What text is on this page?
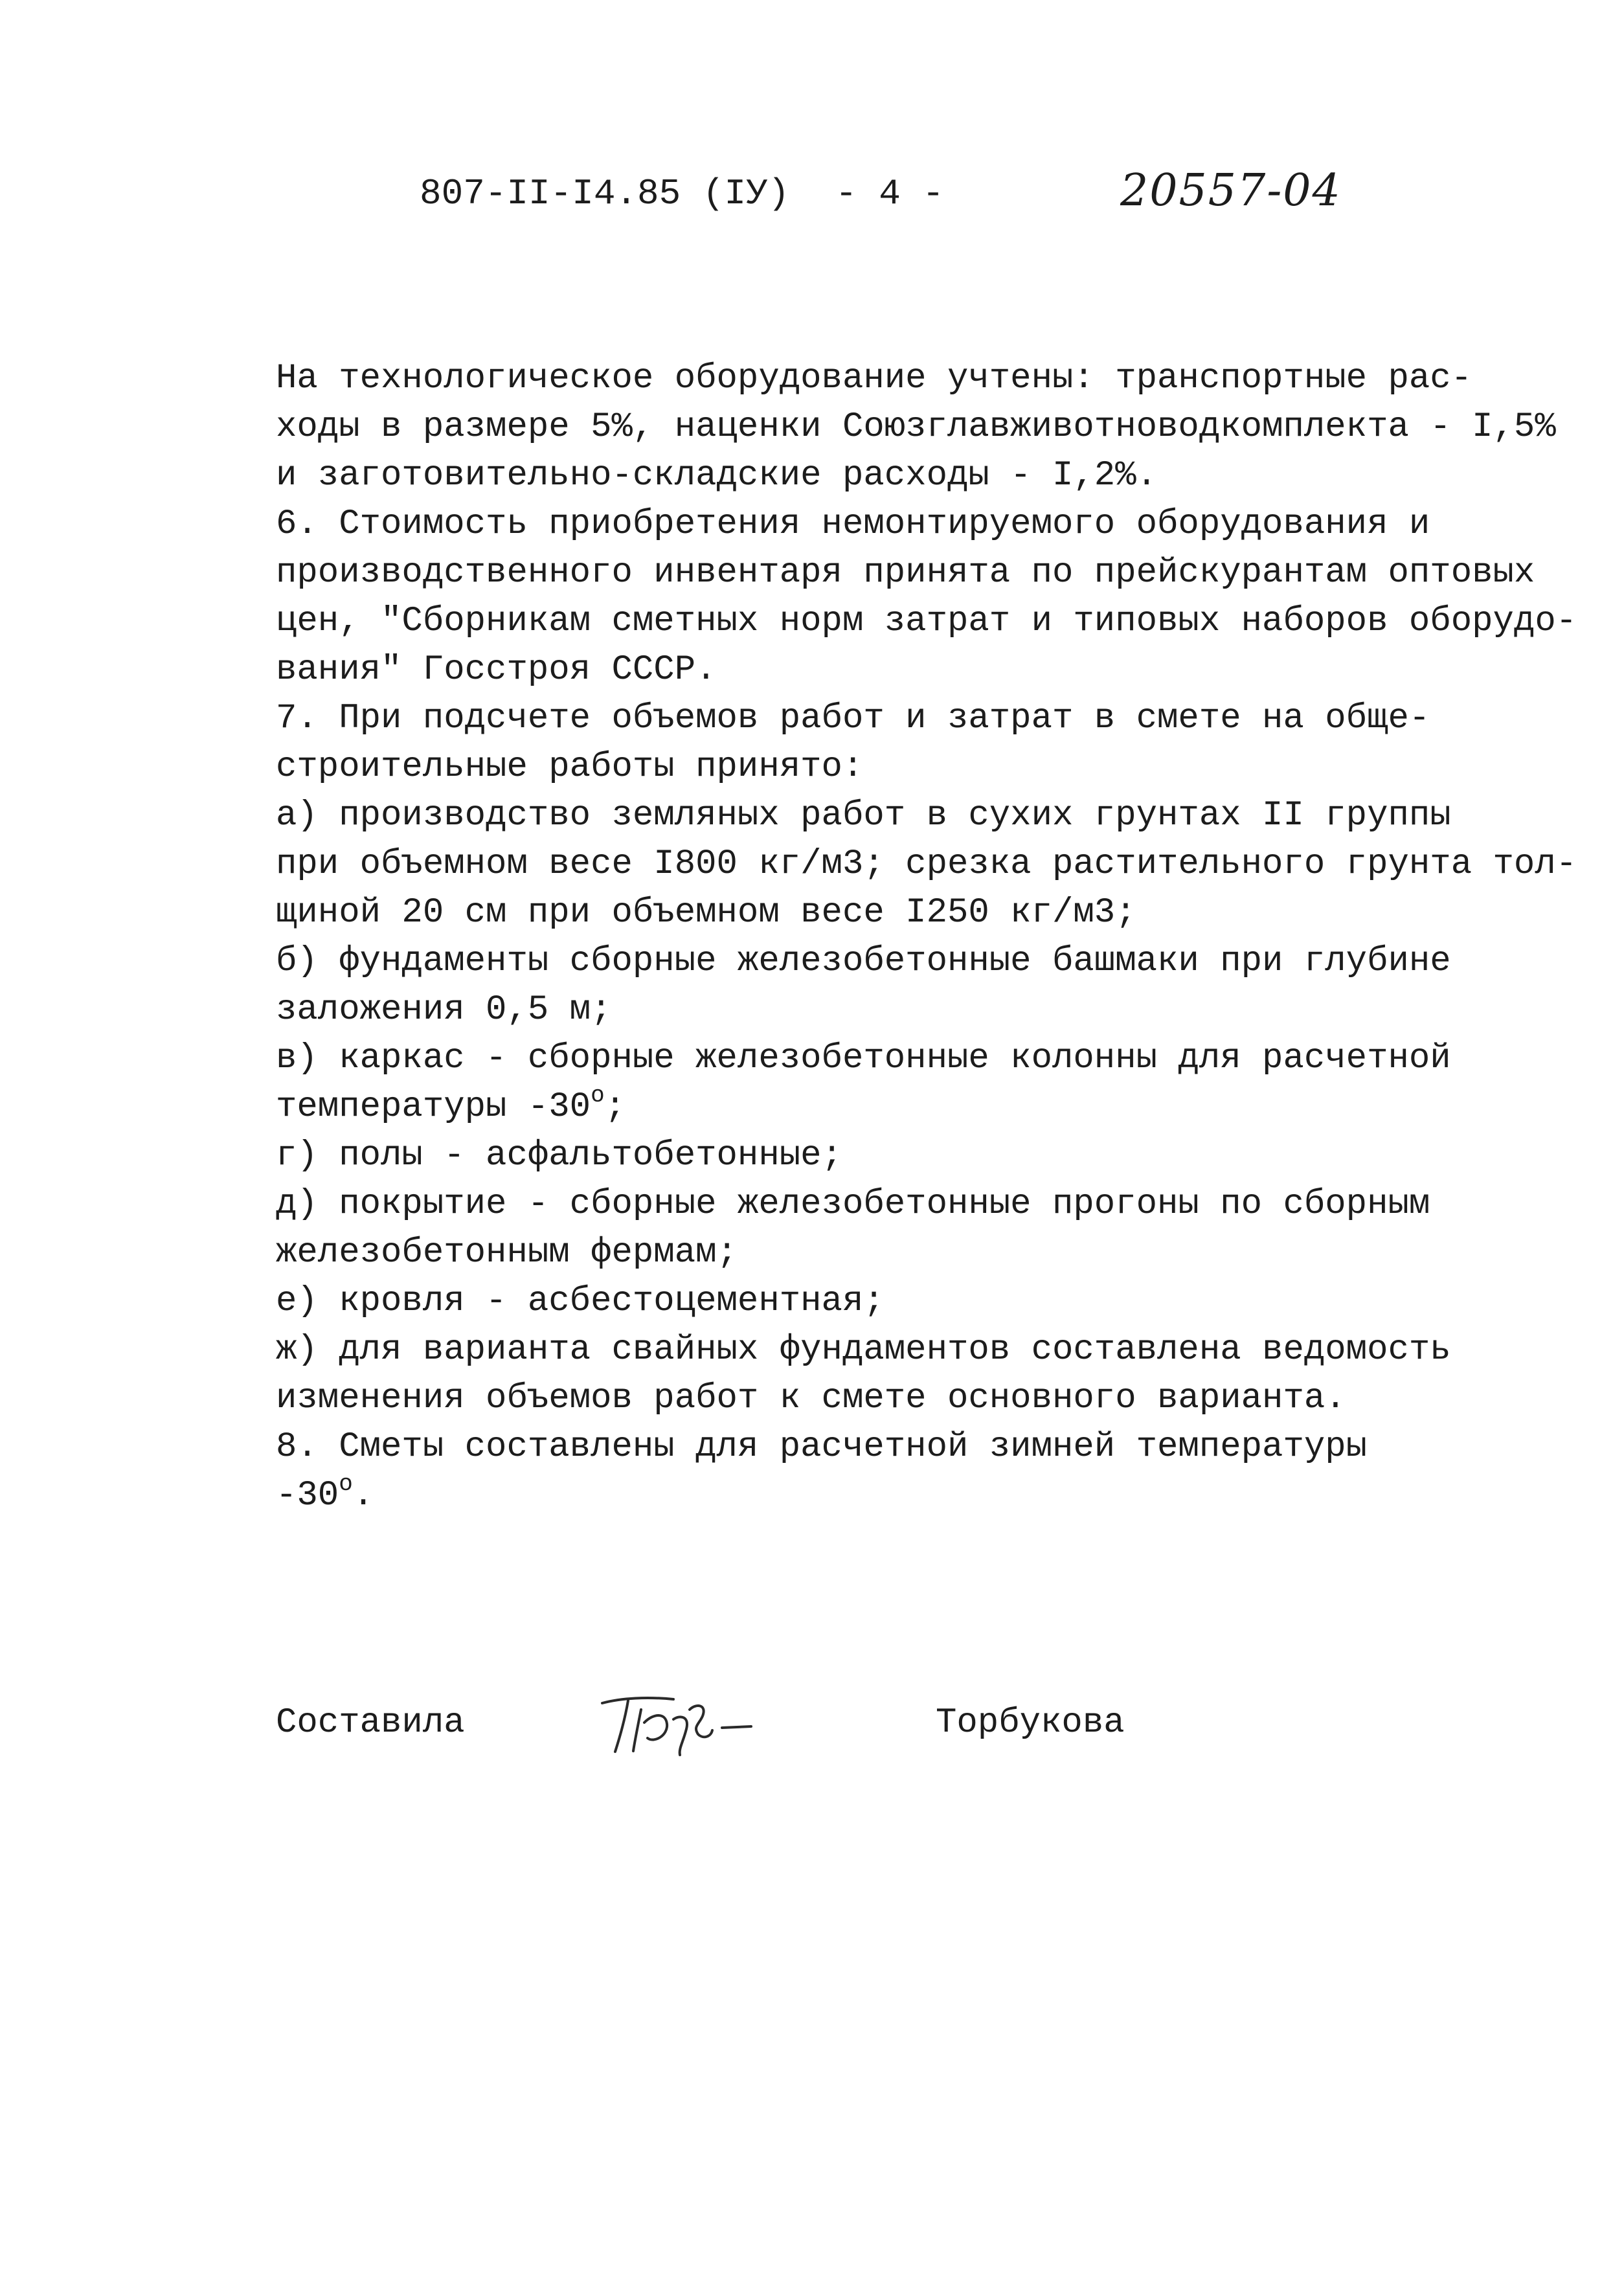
807-II-I4.85 (IУ) - 4 -	20557-04
На технологическое оборудование учтены: транспортные рас-
ходы в размере 5%, наценки Союзглавживотноводкомплекта - I,5%
и заготовительно-складские расходы - I,2%.
6. Стоимость приобретения немонтируемого оборудования и
производственного инвентаря принята по прейскурантам оптовых
цен, "Сборникам сметных норм затрат и типовых наборов оборудо-
вания" Госстроя СССР.
7. При подсчете объемов работ и затрат в смете на обще-
строительные работы принято:
а) производство земляных работ в сухих грунтах II группы
при объемном весе I800 кг/м3; срезка растительного грунта тол-
щиной 20 см при объемном весе I250 кг/м3;
б) фундаменты сборные железобетонные башмаки при глубине
заложения 0,5 м;
в) каркас - сборные железобетонные колонны для расчетной
температуры -30$^o$;
г) полы - асфальтобетонные;
д) покрытие - сборные железобетонные прогоны по сборным
железобетонным фермам;
е) кровля - асбестоцементная;
ж) для варианта свайных фундаментов составлена ведомость
изменения объемов работ к смете основного варианта.
8. Сметы составлены для расчетной зимней температуры
-30$^o$.
Составила	Торбукова
